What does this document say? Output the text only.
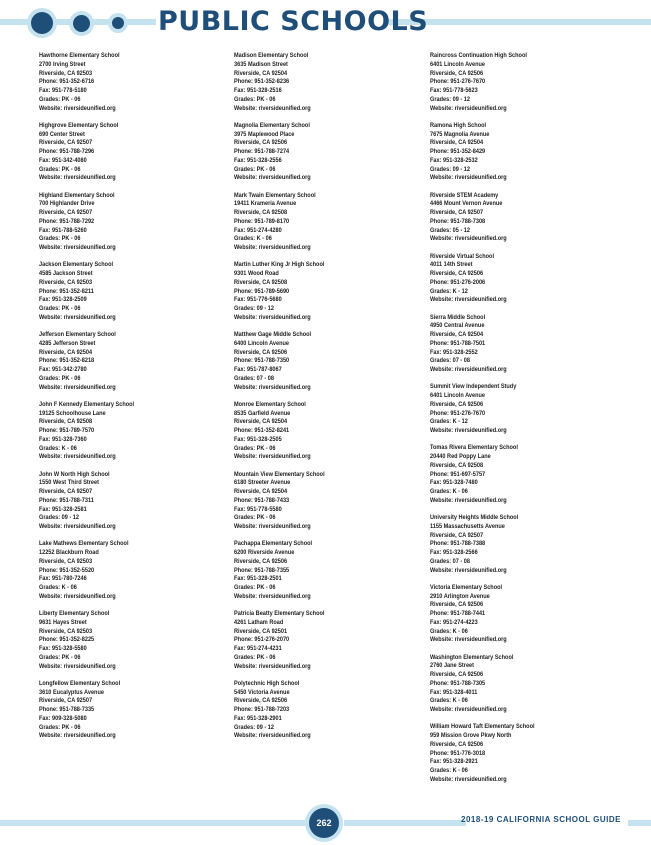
PUBLIC SCHOOLS
Hawthorne Elementary School
2700 Irving Street
Riverside, CA 92503
Phone: 951-352-6716
Fax: 951-778-5180
Grades: PK - 06
Website: riversideunified.org
Highgrove Elementary School
690 Center Street
Riverside, CA 92507
Phone: 951-788-7296
Fax: 951-342-4080
Grades: PK - 06
Website: riversideunified.org
Highland Elementary School
700 Highlander Drive
Riverside, CA 92507
Phone: 951-788-7292
Fax: 951-788-5260
Grades: PK - 06
Website: riversideunified.org
Jackson Elementary School
4585 Jackson Street
Riverside, CA 92503
Phone: 951-352-8211
Fax: 951-328-2509
Grades: PK - 06
Website: riversideunified.org
Jefferson Elementary School
4285 Jefferson Street
Riverside, CA 92504
Phone: 951-352-8218
Fax: 951-342-2780
Grades: PK - 06
Website: riversideunified.org
John F Kennedy Elementary School
19125 Schoolhouse Lane
Riverside, CA 92508
Phone: 951-789-7570
Fax: 951-328-7360
Grades: K - 06
Website: riversideunified.org
John W North High School
1550 West Third Street
Riverside, CA 92507
Phone: 951-788-7311
Fax: 951-328-2581
Grades: 09 - 12
Website: riversideunified.org
Lake Mathews Elementary School
12252 Blackburn Road
Riverside, CA 92503
Phone: 951-352-5520
Fax: 951-780-7246
Grades: K - 06
Website: riversideunified.org
Liberty Elementary School
9631 Hayes Street
Riverside, CA 92503
Phone: 951-352-8225
Fax: 951-328-5580
Grades: PK - 06
Website: riversideunified.org
Longfellow Elementary School
3610 Eucalyptus Avenue
Riverside, CA 92507
Phone: 951-788-7335
Fax: 909-328-5080
Grades: PK - 06
Website: riversideunified.org
Madison Elementary School
3635 Madison Street
Riverside, CA 92504
Phone: 951-352-8236
Fax: 951-328-2516
Grades: PK - 06
Website: riversideunified.org
Magnolia Elementary School
3975 Maplewood Place
Riverside, CA 92506
Phone: 951-788-7274
Fax: 951-328-2556
Grades: PK - 06
Website: riversideunified.org
Mark Twain Elementary School
19411 Krameria Avenue
Riverside, CA 92508
Phone: 951-789-8170
Fax: 951-274-4280
Grades: K - 06
Website: riversideunified.org
Martin Luther King Jr High School
9301 Wood Road
Riverside, CA 92508
Phone: 951-789-5690
Fax: 951-776-5680
Grades: 09 - 12
Website: riversideunified.org
Matthew Gage Middle School
6400 Lincoln Avenue
Riverside, CA 92506
Phone: 951-788-7350
Fax: 951-787-8067
Grades: 07 - 08
Website: riversideunified.org
Monroe Elementary School
8535 Garfield Avenue
Riverside, CA 92504
Phone: 951-352-8241
Fax: 951-328-2505
Grades: PK - 06
Website: riversideunified.org
Mountain View Elementary School
6180 Streeter Avenue
Riverside, CA 92504
Phone: 951-788-7433
Fax: 951-778-5580
Grades: PK - 06
Website: riversideunified.org
Pachappa Elementary School
6200 Riverside Avenue
Riverside, CA 92506
Phone: 951-788-7355
Fax: 951-328-2501
Grades: PK - 06
Website: riversideunified.org
Patricia Beatty Elementary School
4261 Latham Road
Riverside, CA 92501
Phone: 951-276-2070
Fax: 951-274-4231
Grades: PK - 06
Website: riversideunified.org
Polytechnic High School
5450 Victoria Avenue
Riverside, CA 92506
Phone: 951-788-7203
Fax: 951-328-2901
Grades: 09 - 12
Website: riversideunified.org
Raincross Continuation High School
6401 Lincoln Avenue
Riverside, CA 92506
Phone: 951-276-7670
Fax: 951-778-5623
Grades: 09 - 12
Website: riversideunified.org
Ramona High School
7675 Magnolia Avenue
Riverside, CA 92504
Phone: 951-352-8429
Fax: 951-328-2532
Grades: 09 - 12
Website: riversideunified.org
Riverside STEM Academy
4466 Mount Vernon Avenue
Riverside, CA 92507
Phone: 951-788-7308
Grades: 05 - 12
Website: riversideunified.org
Riverside Virtual School
4011 14th Street
Riverside, CA 92506
Phone: 951-276-2006
Grades: K - 12
Website: riversideunified.org
Sierra Middle School
4950 Central Avenue
Riverside, CA 92504
Phone: 951-788-7501
Fax: 951-328-2552
Grades: 07 - 08
Website: riversideunified.org
Summit View Independent Study
6401 Lincoln Avenue
Riverside, CA 92506
Phone: 951-276-7670
Grades: K - 12
Website: riversideunified.org
Tomas Rivera Elementary School
20440 Red Poppy Lane
Riverside, CA 92508
Phone: 951-697-5757
Fax: 951-328-7480
Grades: K - 06
Website: riversideunified.org
University Heights Middle School
1155 Massachusetts Avenue
Riverside, CA 92507
Phone: 951-788-7388
Fax: 951-328-2566
Grades: 07 - 08
Website: riversideunified.org
Victoria Elementary School
2910 Arlington Avenue
Riverside, CA 92506
Phone: 951-788-7441
Fax: 951-274-4223
Grades: K - 06
Website: riversideunified.org
Washington Elementary School
2760 Jane Street
Riverside, CA 92506
Phone: 951-788-7305
Fax: 951-328-4011
Grades: K - 06
Website: riversideunified.org
William Howard Taft Elementary School
959 Mission Grove Pkwy North
Riverside, CA 92506
Phone: 951-776-3018
Fax: 951-328-2921
Grades: K - 06
Website: riversideunified.org
262	2018-19 CALIFORNIA SCHOOL GUIDE
